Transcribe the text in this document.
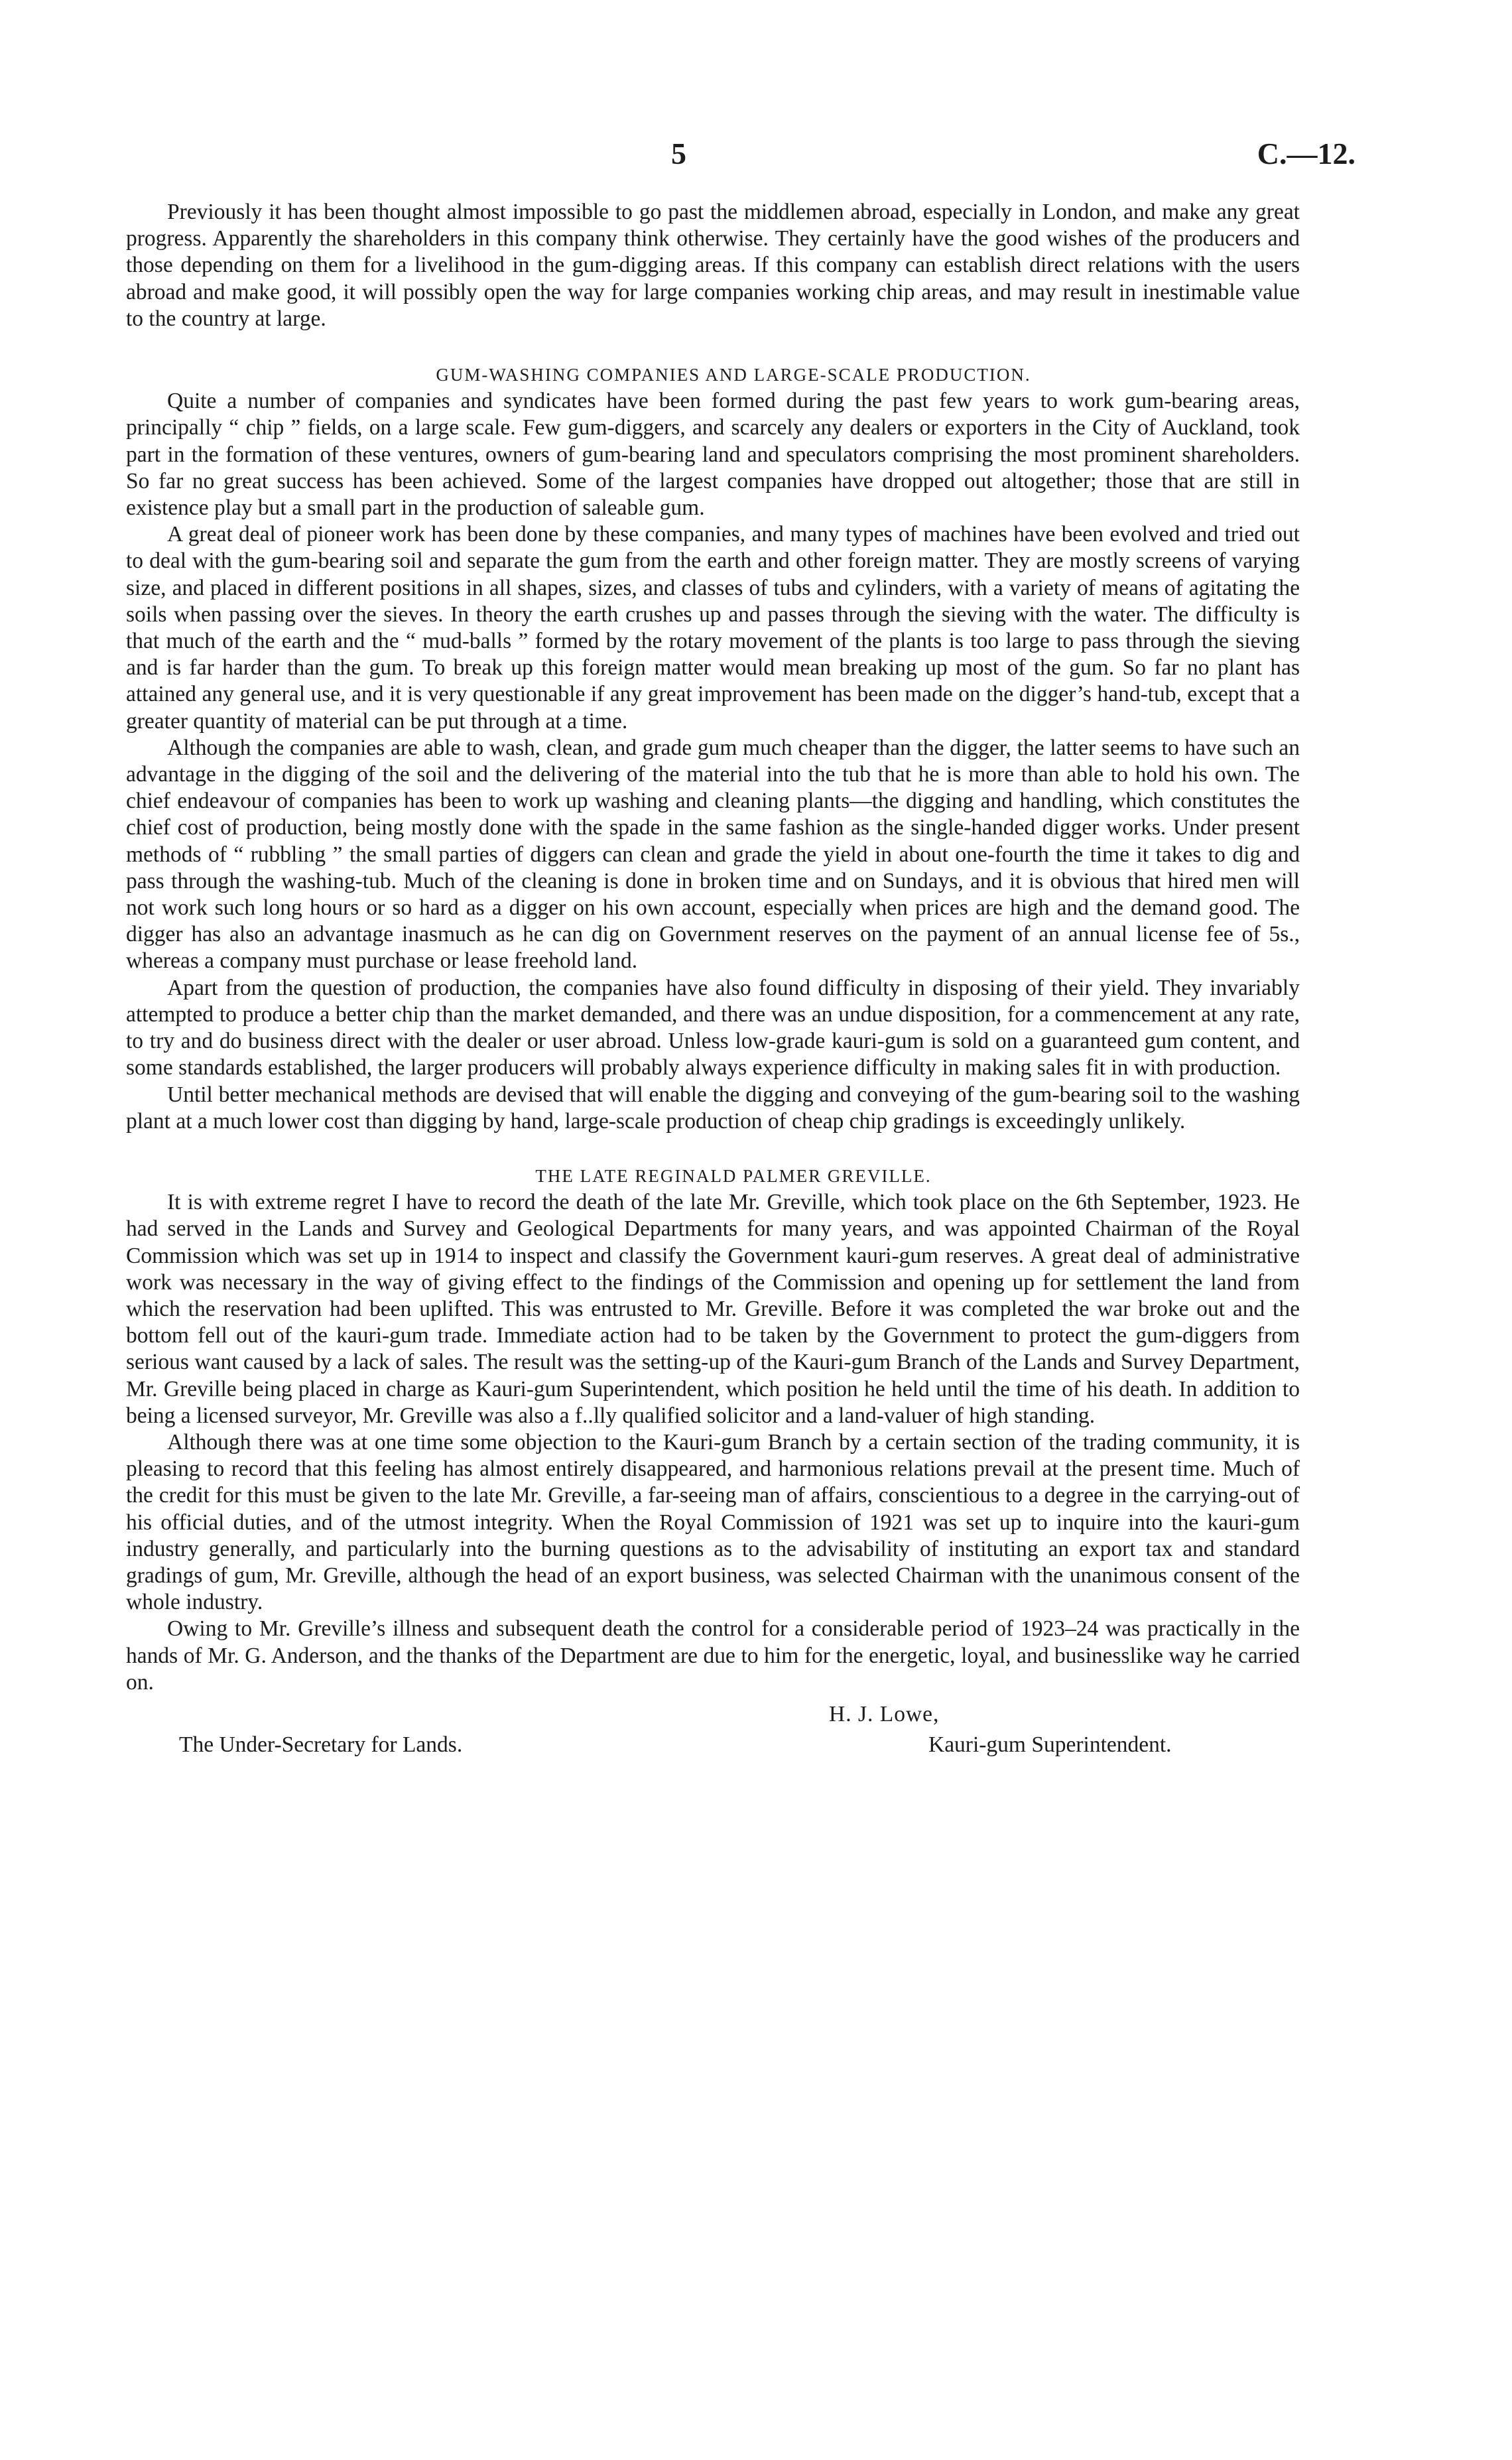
5	C.—12.

Previously it has been thought almost impossible to go past the middlemen abroad, especially in London, and make any great progress. Apparently the shareholders in this company think otherwise. They certainly have the good wishes of the producers and those depending on them for a livelihood in the gum-digging areas. If this company can establish direct relations with the users abroad and make good, it will possibly open the way for large companies working chip areas, and may result in inestimable value to the country at large.

GUM-WASHING COMPANIES AND LARGE-SCALE PRODUCTION.

Quite a number of companies and syndicates have been formed during the past few years to work gum-bearing areas, principally “ chip ” fields, on a large scale. Few gum-diggers, and scarcely any dealers or exporters in the City of Auckland, took part in the formation of these ventures, owners of gum-bearing land and speculators comprising the most prominent shareholders. So far no great success has been achieved. Some of the largest companies have dropped out altogether; those that are still in existence play but a small part in the production of saleable gum.

A great deal of pioneer work has been done by these companies, and many types of machines have been evolved and tried out to deal with the gum-bearing soil and separate the gum from the earth and other foreign matter. They are mostly screens of varying size, and placed in different positions in all shapes, sizes, and classes of tubs and cylinders, with a variety of means of agitating the soils when passing over the sieves. In theory the earth crushes up and passes through the sieving with the water. The difficulty is that much of the earth and the “ mud-balls ” formed by the rotary movement of the plants is too large to pass through the sieving and is far harder than the gum. To break up this foreign matter would mean breaking up most of the gum. So far no plant has attained any general use, and it is very questionable if any great improvement has been made on the digger’s hand-tub, except that a greater quantity of material can be put through at a time.

Although the companies are able to wash, clean, and grade gum much cheaper than the digger, the latter seems to have such an advantage in the digging of the soil and the delivering of the material into the tub that he is more than able to hold his own. The chief endeavour of companies has been to work up washing and cleaning plants—the digging and handling, which constitutes the chief cost of production, being mostly done with the spade in the same fashion as the single-handed digger works. Under present methods of “ rubbling ” the small parties of diggers can clean and grade the yield in about one-fourth the time it takes to dig and pass through the washing-tub. Much of the cleaning is done in broken time and on Sundays, and it is obvious that hired men will not work such long hours or so hard as a digger on his own account, especially when prices are high and the demand good. The digger has also an advantage inasmuch as he can dig on Government reserves on the payment of an annual license fee of 5s., whereas a company must purchase or lease freehold land.

Apart from the question of production, the companies have also found difficulty in disposing of their yield. They invariably attempted to produce a better chip than the market demanded, and there was an undue disposition, for a commencement at any rate, to try and do business direct with the dealer or user abroad. Unless low-grade kauri-gum is sold on a guaranteed gum content, and some standards established, the larger producers will probably always experience difficulty in making sales fit in with production.

Until better mechanical methods are devised that will enable the digging and conveying of the gum-bearing soil to the washing plant at a much lower cost than digging by hand, large-scale production of cheap chip gradings is exceedingly unlikely.

THE LATE REGINALD PALMER GREVILLE.

It is with extreme regret I have to record the death of the late Mr. Greville, which took place on the 6th September, 1923. He had served in the Lands and Survey and Geological Departments for many years, and was appointed Chairman of the Royal Commission which was set up in 1914 to inspect and classify the Government kauri-gum reserves. A great deal of administrative work was necessary in the way of giving effect to the findings of the Commission and opening up for settlement the land from which the reservation had been uplifted. This was entrusted to Mr. Greville. Before it was completed the war broke out and the bottom fell out of the kauri-gum trade. Immediate action had to be taken by the Government to protect the gum-diggers from serious want caused by a lack of sales. The result was the setting-up of the Kauri-gum Branch of the Lands and Survey Department, Mr. Greville being placed in charge as Kauri-gum Superintendent, which position he held until the time of his death. In addition to being a licensed surveyor, Mr. Greville was also a f..lly qualified solicitor and a land-valuer of high standing.

Although there was at one time some objection to the Kauri-gum Branch by a certain section of the trading community, it is pleasing to record that this feeling has almost entirely disappeared, and harmonious relations prevail at the present time. Much of the credit for this must be given to the late Mr. Greville, a far-seeing man of affairs, conscientious to a degree in the carrying-out of his official duties, and of the utmost integrity. When the Royal Commission of 1921 was set up to inquire into the kauri-gum industry generally, and particularly into the burning questions as to the advisability of instituting an export tax and standard gradings of gum, Mr. Greville, although the head of an export business, was selected Chairman with the unanimous consent of the whole industry.

Owing to Mr. Greville’s illness and subsequent death the control for a considerable period of 1923–24 was practically in the hands of Mr. G. Anderson, and the thanks of the Department are due to him for the energetic, loyal, and businesslike way he carried on.

H. J. Lowe,
The Under-Secretary for Lands.	Kauri-gum Superintendent.
